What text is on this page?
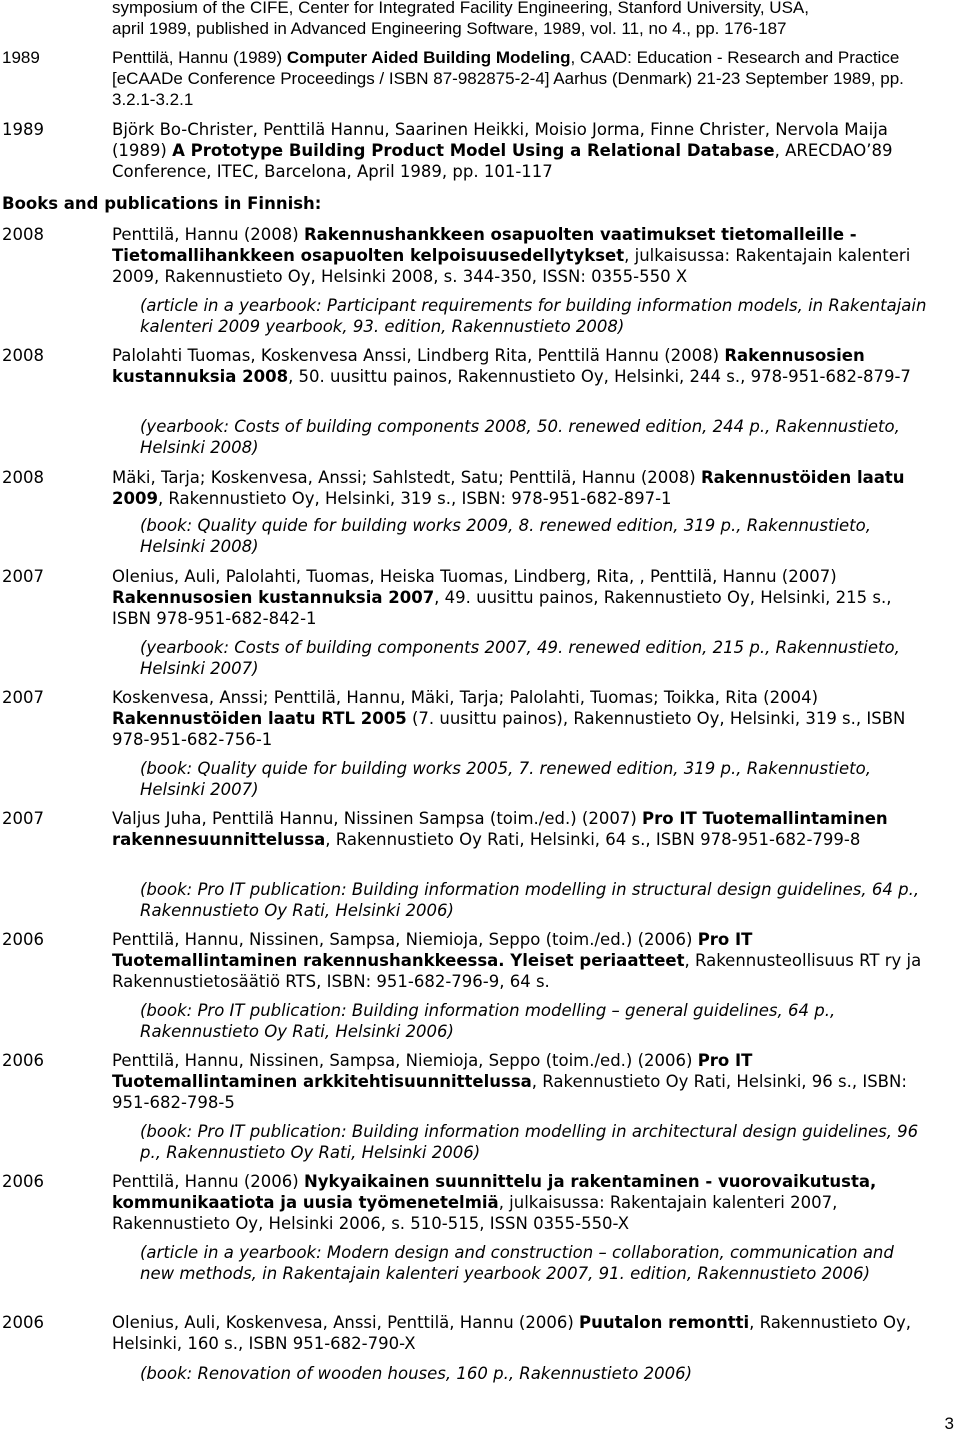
symposium of the CIFE, Center for Integrated Facility Engineering, Stanford University, USA,
april 1989, published in Advanced Engineering Software, 1989, vol. 11, no 4., pp. 176-187
1989	Penttilä, Hannu (1989) Computer Aided Building Modeling, CAAD: Education - Research and Practice [eCAADe Conference Proceedings / ISBN 87-982875-2-4] Aarhus (Denmark) 21-23 September 1989, pp. 3.2.1-3.2.1
1989	Björk Bo-Christer, Penttilä Hannu, Saarinen Heikki, Moisio Jorma, Finne Christer, Nervola Maija (1989) A Prototype Building Product Model Using a Relational Database, ARECDAO’89 Conference, ITEC, Barcelona, April 1989, pp. 101-117
Books and publications in Finnish:
2008	Penttilä, Hannu (2008) Rakennushankkeen osapuolten vaatimukset tietomalleille - Tietomallihankkeen osapuolten kelpoisuusedellytykset, julkaisussa: Rakentajain kalenteri 2009, Rakennustieto Oy, Helsinki 2008, s. 344-350, ISSN: 0355-550 X
(article in a yearbook: Participant requirements for building information models, in Rakentajain kalenteri 2009 yearbook, 93. edition, Rakennustieto 2008)
2008	Palolahti Tuomas, Koskenvesa Anssi, Lindberg Rita, Penttilä Hannu (2008) Rakennusosien kustannuksia 2008, 50. uusittu painos, Rakennustieto Oy, Helsinki, 244 s., 978-951-682-879-7
(yearbook: Costs of building components 2008, 50. renewed edition, 244 p., Rakennustieto, Helsinki 2008)
2008	Mäki, Tarja; Koskenvesa, Anssi; Sahlstedt, Satu; Penttilä, Hannu (2008) Rakennustöiden laatu 2009, Rakennustieto Oy, Helsinki, 319 s., ISBN: 978-951-682-897-1
(book: Quality quide for building works 2009, 8. renewed edition, 319 p., Rakennustieto, Helsinki 2008)
2007	Olenius, Auli, Palolahti, Tuomas, Heiska Tuomas, Lindberg, Rita, , Penttilä, Hannu (2007) Rakennusosien kustannuksia 2007, 49. uusittu painos, Rakennustieto Oy, Helsinki, 215 s., ISBN 978-951-682-842-1
(yearbook: Costs of building components 2007, 49. renewed edition, 215 p., Rakennustieto, Helsinki 2007)
2007	Koskenvesa, Anssi; Penttilä, Hannu, Mäki, Tarja; Palolahti, Tuomas; Toikka, Rita (2004) Rakennustöiden laatu RTL 2005 (7. uusittu painos), Rakennustieto Oy, Helsinki, 319 s., ISBN 978-951-682-756-1
(book: Quality quide for building works 2005, 7. renewed edition, 319 p., Rakennustieto, Helsinki 2007)
2007	Valjus Juha, Penttilä Hannu, Nissinen Sampsa (toim./ed.) (2007) Pro IT Tuotemallintaminen rakennesuunnittelussa, Rakennustieto Oy Rati, Helsinki, 64 s., ISBN 978-951-682-799-8
(book: Pro IT publication: Building information modelling in structural design guidelines, 64 p., Rakennustieto Oy Rati, Helsinki 2006)
2006	Penttilä, Hannu, Nissinen, Sampsa, Niemioja, Seppo (toim./ed.) (2006) Pro IT Tuotemallintaminen rakennushankkeessa. Yleiset periaatteet, Rakennusteollisuus RT ry ja Rakennustietosäätiö RTS, ISBN: 951-682-796-9, 64 s.
(book: Pro IT publication: Building information modelling – general guidelines, 64 p., Rakennustieto Oy Rati, Helsinki 2006)
2006	Penttilä, Hannu, Nissinen, Sampsa, Niemioja, Seppo (toim./ed.) (2006) Pro IT Tuotemallintaminen arkkitehtisuunnittelussa, Rakennustieto Oy Rati, Helsinki, 96 s., ISBN: 951-682-798-5
(book: Pro IT publication: Building information modelling in architectural design guidelines, 96 p., Rakennustieto Oy Rati, Helsinki 2006)
2006	Penttilä, Hannu (2006) Nykyaikainen suunnittelu ja rakentaminen - vuorovaikutusta, kommunikaatiota ja uusia työmenetelmiä, julkaisussa: Rakentajain kalenteri 2007, Rakennustieto Oy, Helsinki 2006, s. 510-515, ISSN 0355-550-X
(article in a yearbook: Modern design and construction – collaboration, communication and new methods, in Rakentajain kalenteri yearbook 2007, 91. edition, Rakennustieto 2006)
2006	Olenius, Auli, Koskenvesa, Anssi, Penttilä, Hannu (2006) Puutalon remontti, Rakennustieto Oy, Helsinki, 160 s., ISBN 951-682-790-X
(book: Renovation of wooden houses, 160 p., Rakennustieto 2006)
3
